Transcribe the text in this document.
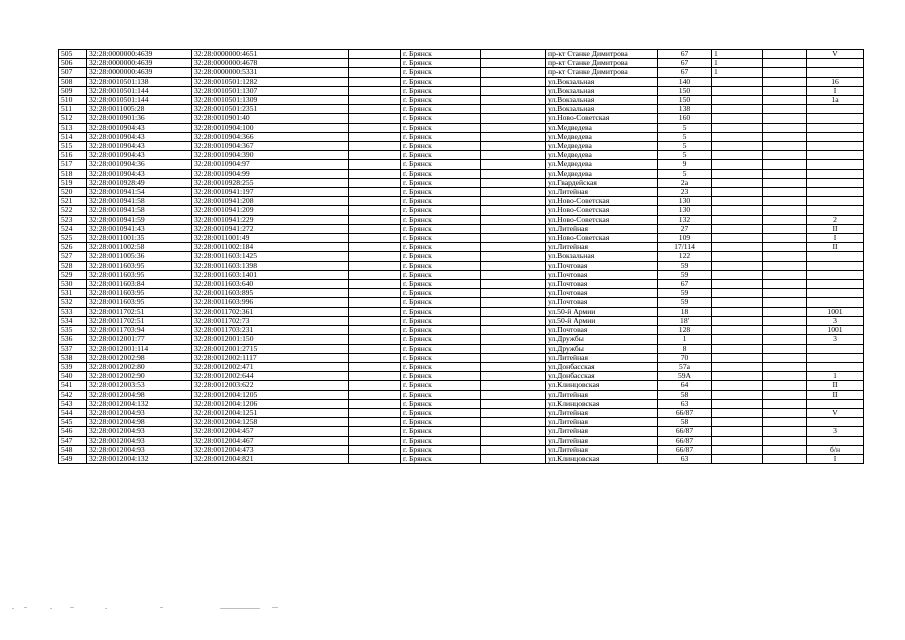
505	32:28:0000000:4639	32:28:0000000:4651		г. Брянск		пр-кт Станке Димитрова	67	1		V
506	32:28:0000000:4639	32:28:0000000:4678		г. Брянск		пр-кт Станке Димитрова	67	1		
507	32:28:0000000:4639	32:28:0000000:5331		г. Брянск		пр-кт Станке Димитрова	67	1		
508	32:28:0010501:138	32:28:0010501:1282		г. Брянск		ул.Вокзальная	140			16
509	32:28:0010501:144	32:28:0010501:1307		г. Брянск		ул.Вокзальная	150			I
510	32:28:0010501:144	32:28:0010501:1309		г. Брянск		ул.Вокзальная	150			1a
511	32:28:0011005:28	32:28:0010501:2351		г. Брянск		ул.Вокзальная	138			
512	32:28:0010901:36	32:28:0010901:40		г. Брянск		ул.Ново-Советская	160			
513	32:28:0010904:43	32:28:0010904:100		г. Брянск		ул.Медведева	5			
514	32:28:0010904:43	32:28:0010904:366		г. Брянск		ул.Медведева	5			
515	32:28:0010904:43	32:28:0010904:367		г. Брянск		ул.Медведева	5			
516	32:28:0010904:43	32:28:0010904:390		г. Брянск		ул.Медведева	5			
517	32:28:0010904:36	32:28:0010904:97		г. Брянск		ул.Медведева	9			
518	32:28:0010904:43	32:28:0010904:99		г. Брянск		ул.Медведева	5			
519	32:28:0010928:49	32:28:0010928:255		г. Брянск		ул.Гвардейская	2a			
520	32:28:0010941:54	32:28:0010941:197		г. Брянск		ул.Литейная	23			
521	32:28:0010941:58	32:28:0010941:208		г. Брянск		ул.Ново-Советская	130			
522	32:28:0010941:58	32:28:0010941:209		г. Брянск		ул.Ново-Советская	130			
523	32:28:0010941:59	32:28:0010941:229		г. Брянск		ул.Ново-Советская	132			2
524	32:28:0010941:43	32:28:0010941:272		г. Брянск		ул.Литейная	27			II
525	32:28:0011001:35	32:28:0011001:49		г. Брянск		ул.Ново-Советская	109			I
526	32:28:0011002:58	32:28:0011002:184		г. Брянск		ул.Литейная	17/114			II
527	32:28:0011005:36	32:28:0011603:1425		г. Брянск		ул.Вокзальная	122			
528	32:28:0011603:95	32:28:0011603:1398		г. Брянск		ул.Почтовая	59			
529	32:28:0011603:95	32:28:0011603:1401		г. Брянск		ул.Почтовая	59			
530	32:28:0011603:84	32:28:0011603:640		г. Брянск		ул.Почтовая	67			
531	32:28:0011603:95	32:28:0011603:895		г. Брянск		ул.Почтовая	59			
532	32:28:0011603:95	32:28:0011603:996		г. Брянск		ул.Почтовая	59			
533	32:28:0011702:51	32:28:0011702:361		г. Брянск		ул.50-й Армии	18			1001
534	32:28:0011702:51	32:28:0011702:73		г. Брянск		ул.50-й Армии	18'			3
535	32:28:0011703:94	32:28:0011703:231		г. Брянск		ул.Почтовая	128			1001
536	32:28:0012001:77	32:28:0012001:150		г. Брянск		ул.Дружбы	1			3
537	32:28:0012001:114	32:28:0012001:2715		г. Брянск		ул.Дружбы	8			
538	32:28:0012002:98	32:28:0012002:1117		г. Брянск		ул.Литейная	70			
539	32:28:0012002:80	32:28:0012002:471		г. Брянск		ул.Донбасская	57a			
540	32:28:0012002:90	32:28:0012002:644		г. Брянск		ул.Донбасская	59A			1
541	32:28:0012003:53	32:28:0012003:622		г. Брянск		ул.Клинцовская	64			II
542	32:28:0012004:98	32:28:0012004:1205		г. Брянск		ул.Литейная	58			II
543	32:28:0012004:132	32:28:0012004:1206		г. Брянск		ул.Клинцовская	63			
544	32:28:0012004:93	32:28:0012004:1251		г. Брянск		ул.Литейная	66/87			V
545	32:28:0012004:98	32:28:0012004:1258		г. Брянск		ул.Литейная	58			
546	32:28:0012004:93	32:28:0012004:457		г. Брянск		ул.Литейная	66/87			3
547	32:28:0012004:93	32:28:0012004:467		г. Брянск		ул.Литейная	66/87			
548	32:28:0012004:93	32:28:0012004:473		г. Брянск		ул.Литейная	66/87			б/н
549	32:28:0012004:132	32:28:0012004:821		г. Брянск		ул.Клинцовская	63			I
